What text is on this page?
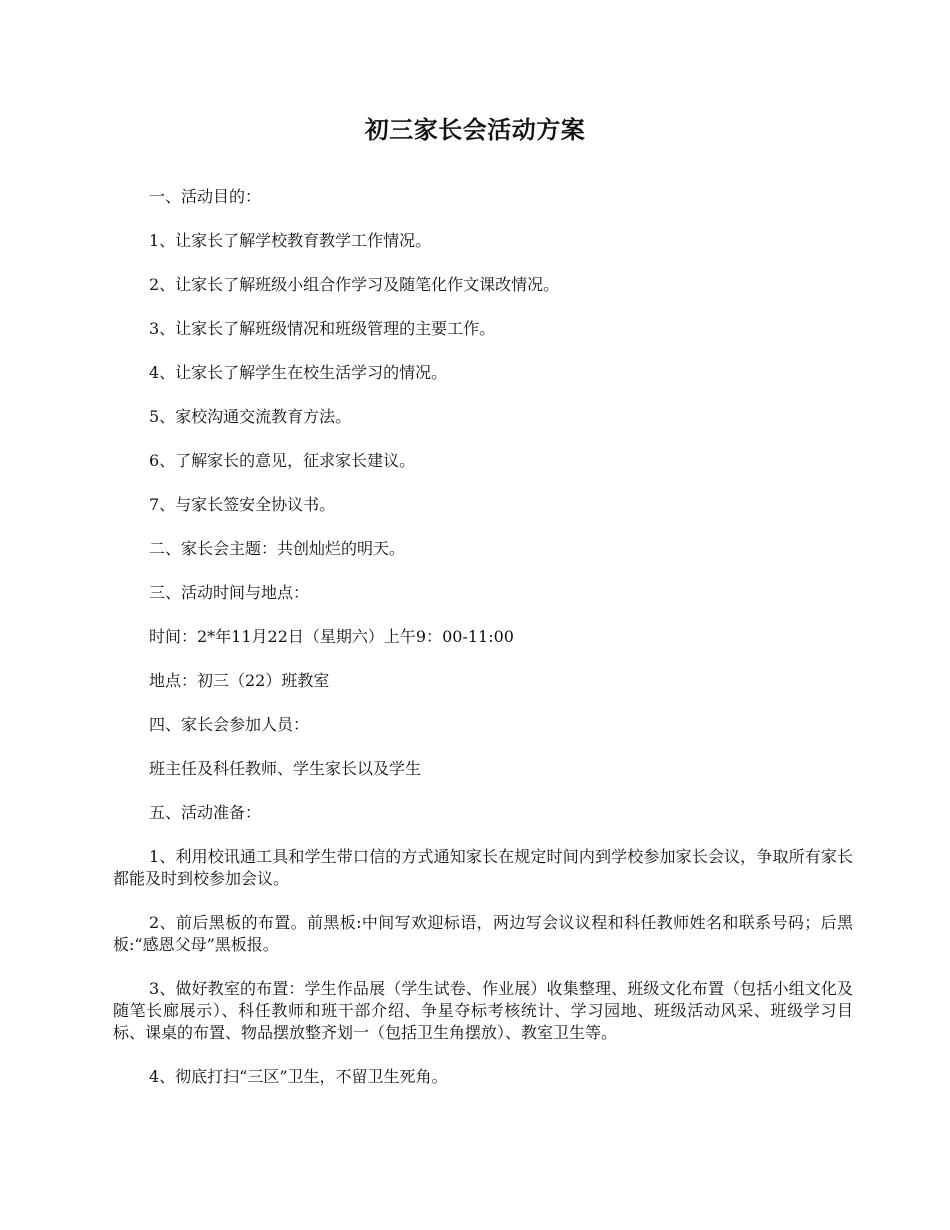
初三家长会活动方案

一、活动目的：

1、让家长了解学校教育教学工作情况。

2、让家长了解班级小组合作学习及随笔化作文课改情况。

3、让家长了解班级情况和班级管理的主要工作。

4、让家长了解学生在校生活学习的情况。

5、家校沟通交流教育方法。

6、了解家长的意见，征求家长建议。

7、与家长签安全协议书。

二、家长会主题：共创灿烂的明天。

三、活动时间与地点：

时间：2*年11月22日（星期六）上午9：00-11:00

地点：初三（22）班教室

四、家长会参加人员：

班主任及科任教师、学生家长以及学生

五、活动准备：

1、利用校讯通工具和学生带口信的方式通知家长在规定时间内到学校参加家长会议，争取所有家长都能及时到校参加会议。

2、前后黑板的布置。前黑板:中间写欢迎标语，两边写会议议程和科任教师姓名和联系号码；后黑板:“感恩父母”黑板报。

3、做好教室的布置：学生作品展（学生试卷、作业展）收集整理、班级文化布置（包括小组文化及随笔长廊展示）、科任教师和班干部介绍、争星夺标考核统计、学习园地、班级活动风采、班级学习目标、课桌的布置、物品摆放整齐划一（包括卫生角摆放）、教室卫生等。

4、彻底打扫“三区”卫生，不留卫生死角。
